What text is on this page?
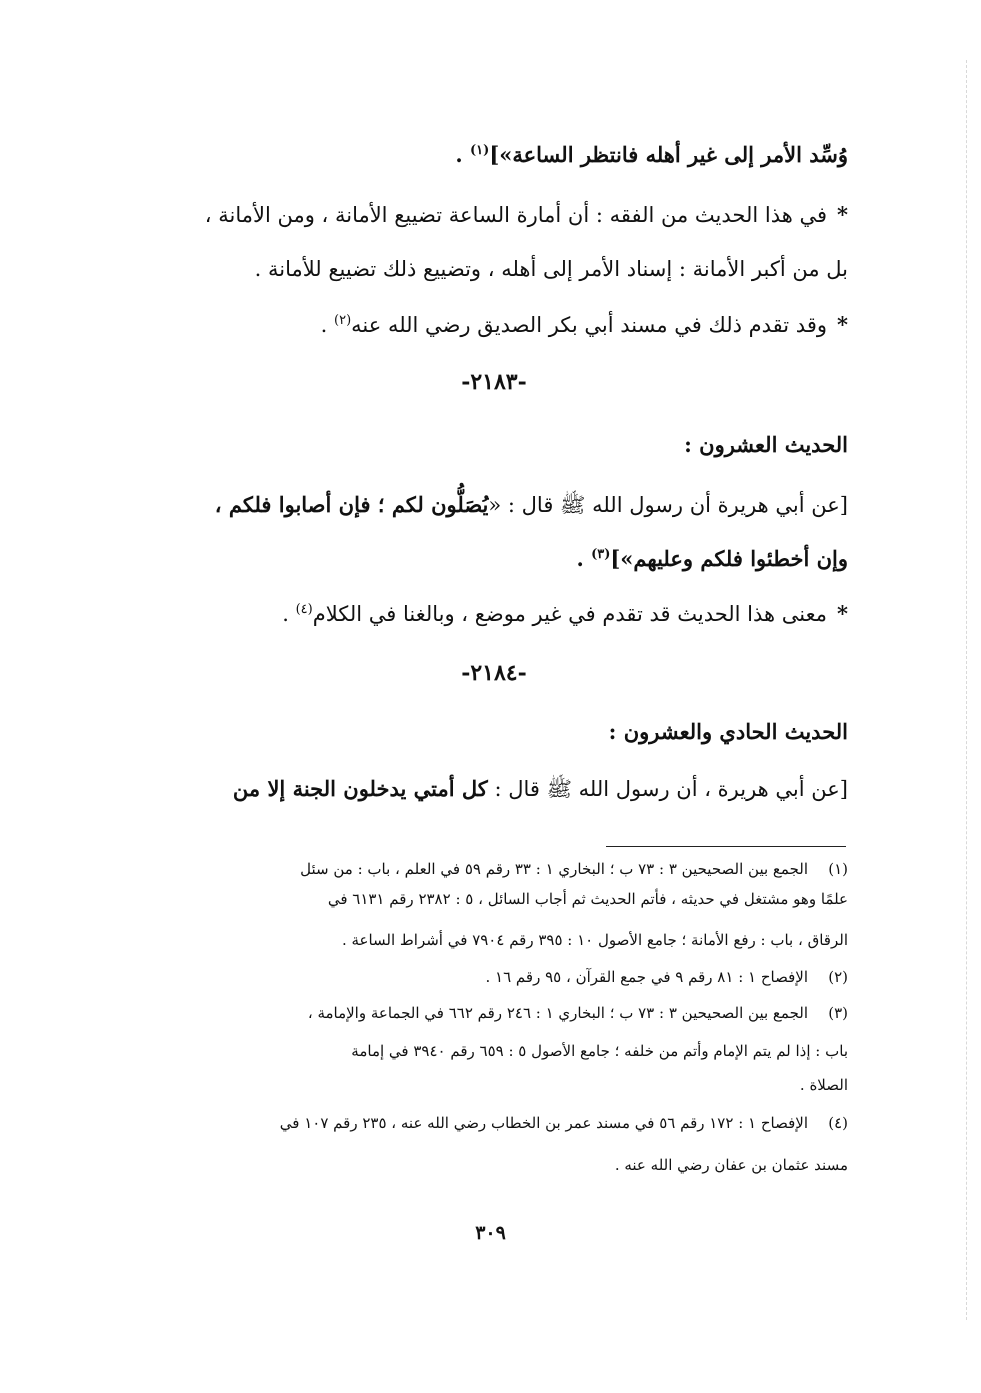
وُسِّد الأمر إلى غير أهله فانتظر الساعة»]$^{(١)}$ .
*في هذا الحديث من الفقه : أن أمارة الساعة تضييع الأمانة ، ومن الأمانة ،
بل من أكبر الأمانة : إسناد الأمر إلى أهله ، وتضييع ذلك تضييع للأمانة .
*وقد تقدم ذلك في مسند أبي بكر الصديق رضي الله عنه$^{(٢)}$ .
-٢١٨٣-
الحديث العشرون :
[عن أبي هريرة أن رسول الله ﷺ قال : «يُصَلُّون لكم ؛ فإن أصابوا فلكم ،
وإن أخطئوا فلكم وعليهم»]$^{(٣)}$ .
*معنى هذا الحديث قد تقدم في غير موضع ، وبالغنا في الكلام$^{(٤)}$ .
-٢١٨٤-
الحديث الحادي والعشرون :
[عن أبي هريرة ، أن رسول الله ﷺ قال : كل أمتي يدخلون الجنة إلا من
(١)الجمع بين الصحيحين ٣ : ٧٣ ب ؛ البخاري ١ : ٣٣ رقم ٥٩ في العلم ، باب : من سئل
علمًا وهو مشتغل في حديثه ، فأتم الحديث ثم أجاب السائل ، ٥ : ٢٣٨٢ رقم ٦١٣١ في
الرقاق ، باب : رفع الأمانة ؛ جامع الأصول ١٠ : ٣٩٥ رقم ٧٩٠٤ في أشراط الساعة .
(٢)الإفصاح ١ : ٨١ رقم ٩ في جمع القرآن ، ٩٥ رقم ١٦ .
(٣)الجمع بين الصحيحين ٣ : ٧٣ ب ؛ البخاري ١ : ٢٤٦ رقم ٦٦٢ في الجماعة والإمامة ،
باب : إذا لم يتم الإمام وأتم من خلفه ؛ جامع الأصول ٥ : ٦٥٩ رقم ٣٩٤٠ في إمامة
الصلاة .
(٤)الإفصاح ١ : ١٧٢ رقم ٥٦ في مسند عمر بن الخطاب رضي الله عنه ، ٢٣٥ رقم ١٠٧ في
مسند عثمان بن عفان رضي الله عنه .
٣٠٩
